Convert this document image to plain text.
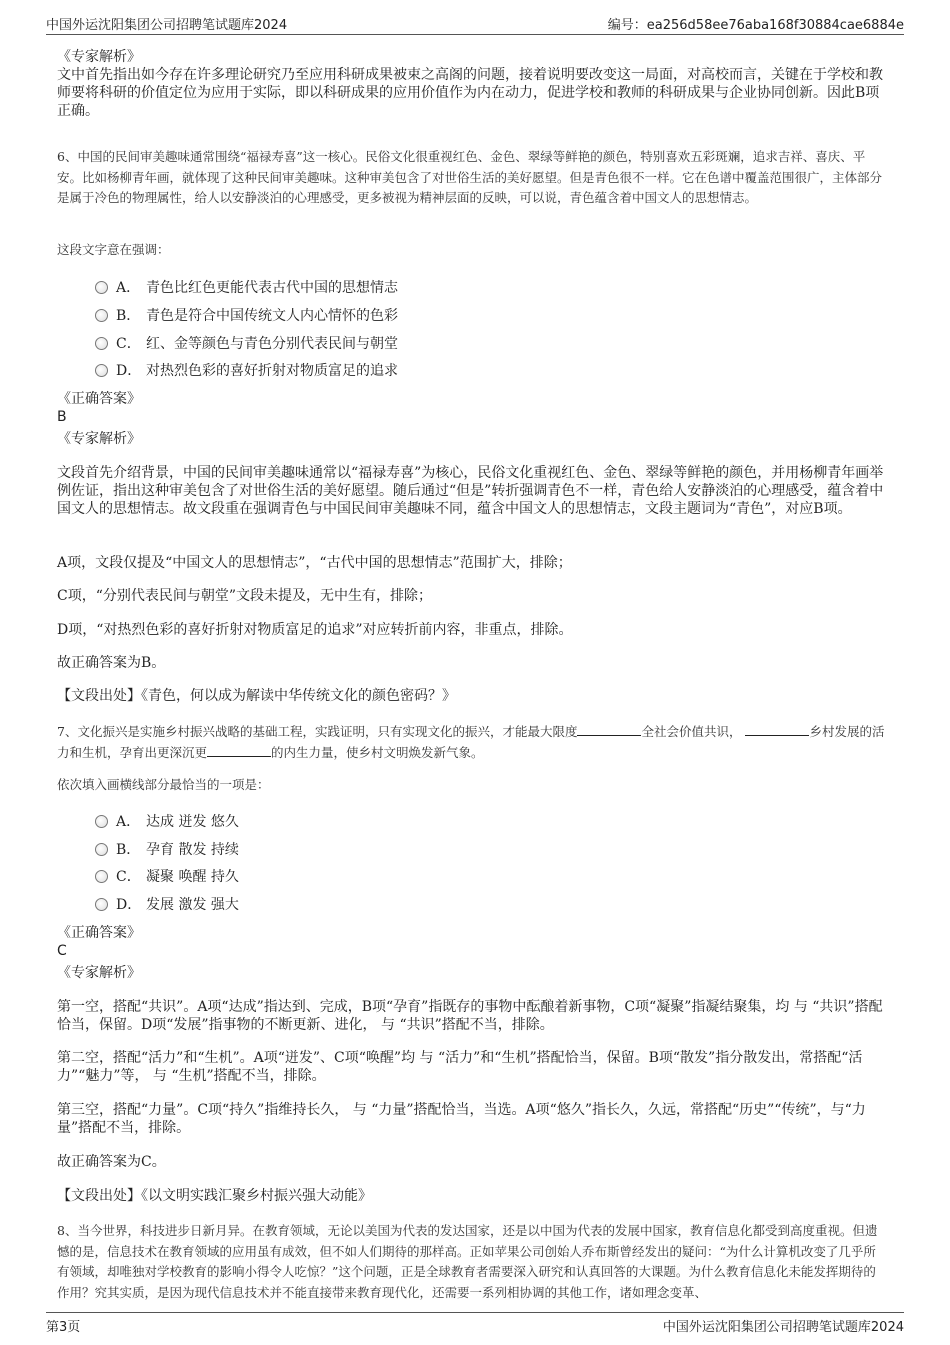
中国外运沈阳集团公司招聘笔试题库2024	编号：ea256d58ee76aba168f30884cae6884e
《专家解析》
文中首先指出如今存在许多理论研究乃至应用科研成果被束之高阁的问题，接着说明要改变这一局面，对高校而言，关键在于学校和教师要将科研的价值定位为应用于实际，即以科研成果的应用价值作为内在动力，促进学校和教师的科研成果与企业协同创新。因此B项正确。
6、中国的民间审美趣味通常围绕“福禄寿喜”这一核心。民俗文化很重视红色、金色、翠绿等鲜艳的颜色，特别喜欢五彩斑斓，追求吉祥、喜庆、平安。比如杨柳青年画，就体现了这种民间审美趣味。这种审美包含了对世俗生活的美好愿望。但是青色很不一样。它在色谱中覆盖范围很广，主体部分是属于冷色的物理属性，给人以安静淡泊的心理感受，更多被视为精神层面的反映，可以说，青色蕴含着中国文人的思想情志。
这段文字意在强调：
A． 青色比红色更能代表古代中国的思想情志
B． 青色是符合中国传统文人内心情怀的色彩
C． 红、金等颜色与青色分别代表民间与朝堂
D． 对热烈色彩的喜好折射对物质富足的追求
《正确答案》
B
《专家解析》
文段首先介绍背景，中国的民间审美趣味通常以“福禄寿喜”为核心，民俗文化重视红色、金色、翠绿等鲜艳的颜色，并用杨柳青年画举例佐证，指出这种审美包含了对世俗生活的美好愿望。随后通过“但是”转折强调青色不一样，青色给人安静淡泊的心理感受，蕴含着中国文人的思想情志。故文段重在强调青色与中国民间审美趣味不同，蕴含中国文人的思想情志，文段主题词为“青色”，对应B项。
A项，文段仅提及“中国文人的思想情志”，“古代中国的思想情志”范围扩大，排除；
C项，“分别代表民间与朝堂”文段未提及，无中生有，排除；
D项，“对热烈色彩的喜好折射对物质富足的追求”对应转折前内容，非重点，排除。
故正确答案为B。
【文段出处】《青色，何以成为解读中华传统文化的颜色密码？》
7、文化振兴是实施乡村振兴战略的基础工程，实践证明，只有实现文化的振兴，才能最大限度	全社会价值共识，	乡村发展的活力和生机，孕育出更深沉更	的内生力量，使乡村文明焕发新气象。
依次填入画横线部分最恰当的一项是：
A． 达成 迸发 悠久
B． 孕育 散发 持续
C． 凝聚 唤醒 持久
D． 发展 激发 强大
《正确答案》
C
《专家解析》
第一空，搭配“共识”。A项“达成”指达到、完成，B项“孕育”指既存的事物中酝酿着新事物，C项“凝聚”指凝结聚集，均 与 “共识”搭配恰当，保留。D项“发展”指事物的不断更新、进化， 与 “共识”搭配不当，排除。
第二空，搭配“活力”和“生机”。A项“迸发”、C项“唤醒”均 与 “活力”和“生机”搭配恰当，保留。B项“散发”指分散发出，常搭配“活力”“魅力”等， 与 “生机”搭配不当，排除。
第三空，搭配“力量”。C项“持久”指维持长久， 与 “力量”搭配恰当，当选。A项“悠久”指长久，久远，常搭配“历史”“传统”，与“力量”搭配不当，排除。
故正确答案为C。
【文段出处】《以文明实践汇聚乡村振兴强大动能》
8、当今世界，科技进步日新月异。在教育领域，无论以美国为代表的发达国家，还是以中国为代表的发展中国家，教育信息化都受到高度重视。但遗憾的是，信息技术在教育领域的应用虽有成效，但不如人们期待的那样高。正如苹果公司创始人乔布斯曾经发出的疑问：“为什么计算机改变了几乎所有领域，却唯独对学校教育的影响小得令人吃惊？”这个问题，正是全球教育者需要深入研究和认真回答的大课题。为什么教育信息化未能发挥期待的作用？究其实质，是因为现代信息技术并不能直接带来教育现代化，还需要一系列相协调的其他工作，诸如理念变革、
第3页	中国外运沈阳集团公司招聘笔试题库2024
